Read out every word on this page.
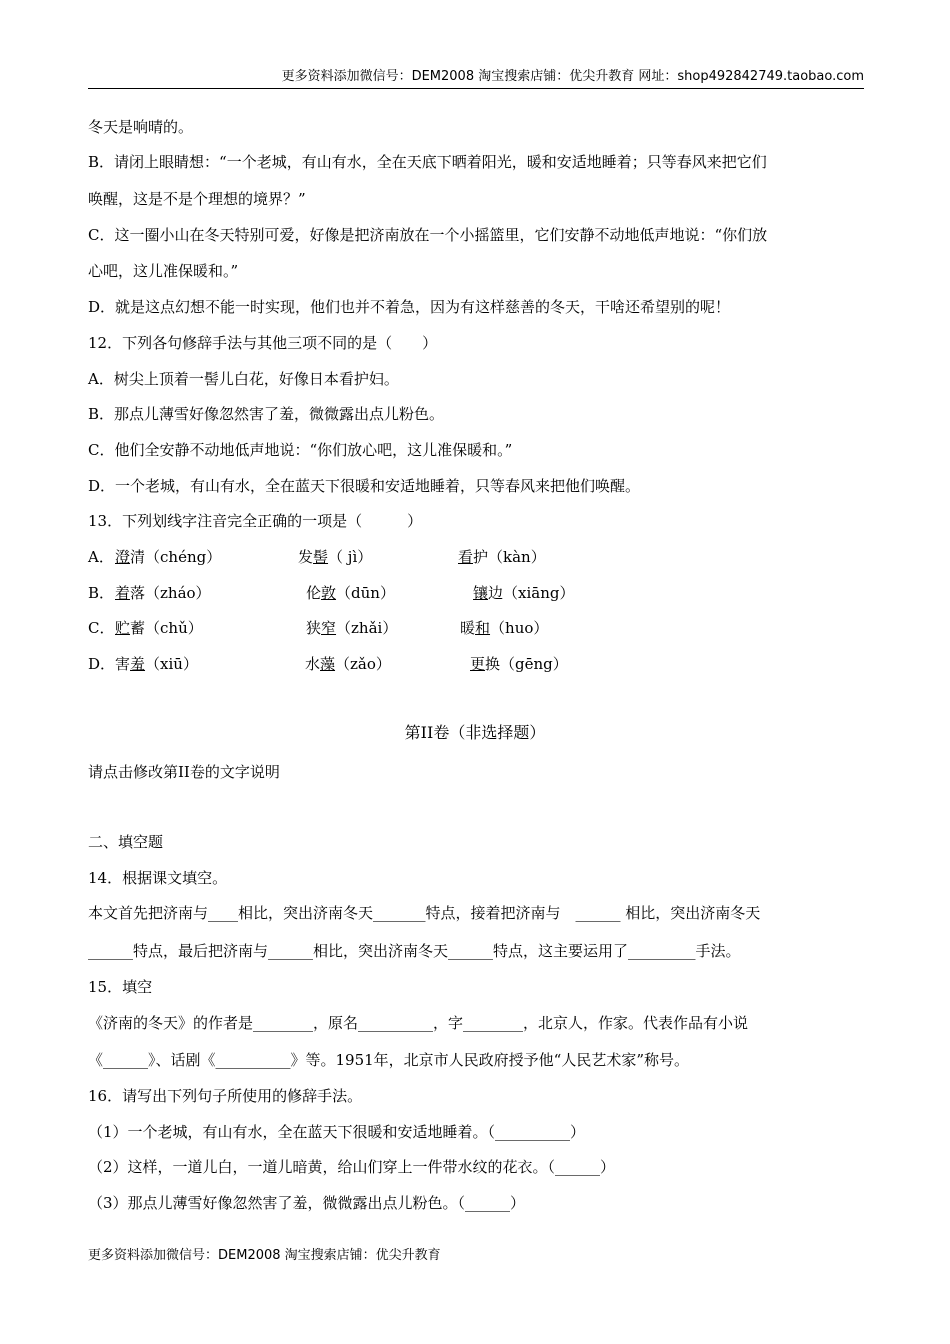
更多资料添加微信号：DEM2008 淘宝搜索店铺：优尖升教育 网址：shop492842749.taobao.com
冬天是响晴的。
B．请闭上眼睛想：“一个老城，有山有水，全在天底下晒着阳光，暖和安适地睡着；只等春风来把它们
唤醒，这是不是个理想的境界？”
C．这一圈小山在冬天特别可爱，好像是把济南放在一个小摇篮里，它们安静不动地低声地说：“你们放
心吧，这儿准保暖和。”
D．就是这点幻想不能一时实现，他们也并不着急，因为有这样慈善的冬天，干啥还希望别的呢！
12．下列各句修辞手法与其他三项不同的是（　　）
A．树尖上顶着一髻儿白花，好像日本看护妇。
B．那点儿薄雪好像忽然害了羞，微微露出点儿粉色。
C．他们全安静不动地低声地说：“你们放心吧，这儿准保暖和。”
D．一个老城，有山有水，全在蓝天下很暖和安适地睡着，只等春风来把他们唤醒。
13．下列划线字注音完全正确的一项是（　　　）
A． 澄清（chéng）	发髻（ jì）	看护（kàn）
B． 着落（zháo）	伦敦（dūn）	镶边（xiāng）
C． 贮蓄（chǔ）	狭窄（zhǎi）	暖和（huo）
D． 害羞（xiū）	水藻（zǎo）	更换（gēng）
第II卷（非选择题）
请点击修改第II卷的文字说明
二、填空题
14．根据课文填空。
本文首先把济南与____相比，突出济南冬天_______特点，接着把济南与　______ 相比，突出济南冬天
______特点，最后把济南与______相比，突出济南冬天______特点，这主要运用了_________手法。
15．填空
《济南的冬天》的作者是________，原名__________，字________，北京人，作家。代表作品有小说
《______》、话剧《__________》等。1951年，北京市人民政府授予他“人民艺术家”称号。
16．请写出下列句子所使用的修辞手法。
（1）一个老城，有山有水，全在蓝天下很暖和安适地睡着。（__________）
（2）这样，一道儿白，一道儿暗黄，给山们穿上一件带水纹的花衣。（______）
（3）那点儿薄雪好像忽然害了羞，微微露出点儿粉色。（______）
更多资料添加微信号：DEM2008 淘宝搜索店铺：优尖升教育
